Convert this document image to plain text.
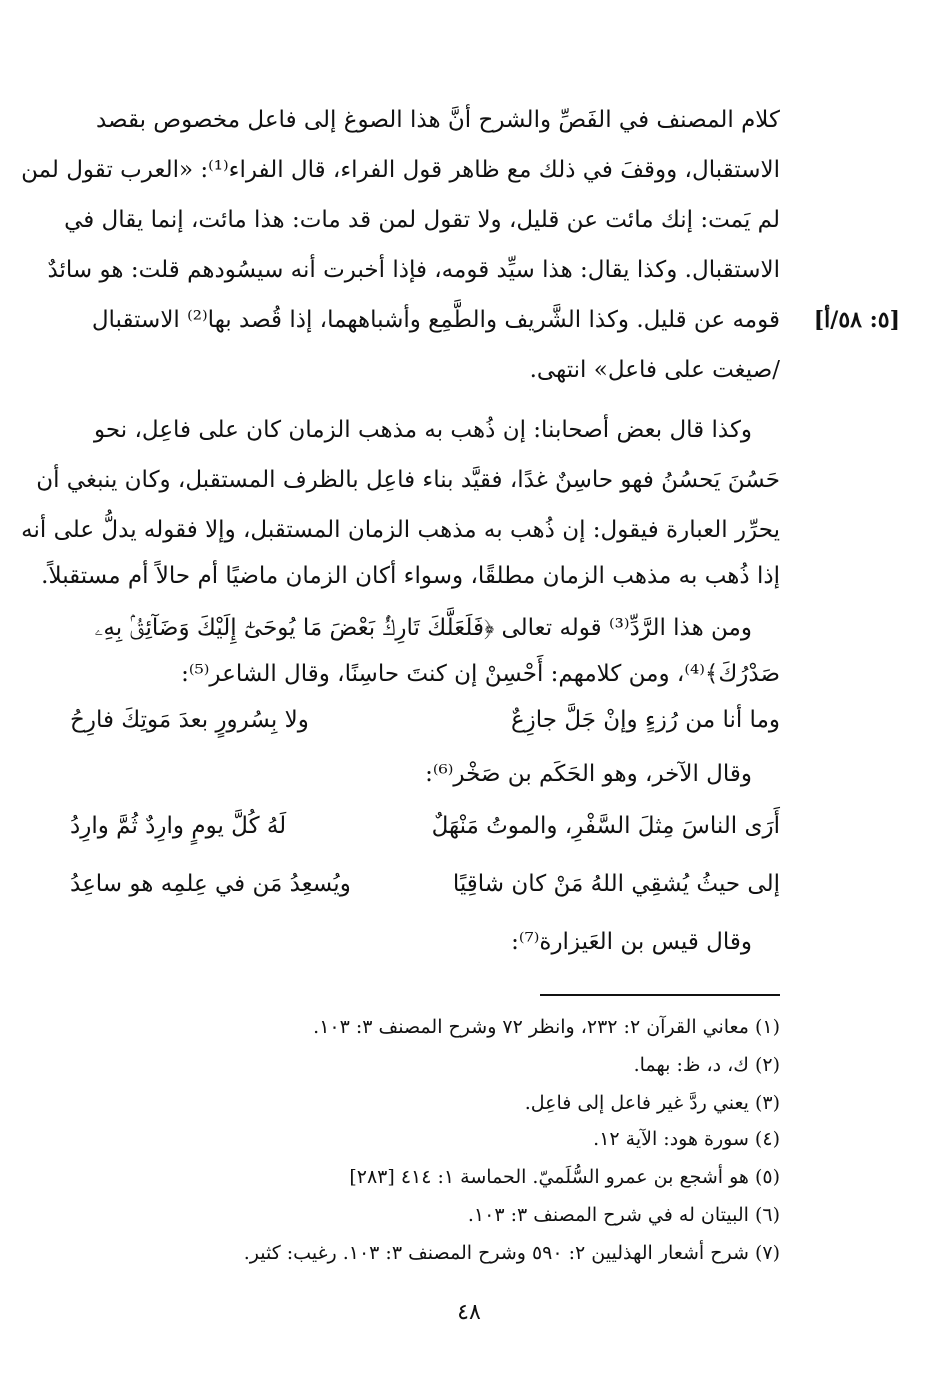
كلام المصنف في الفَصِّ والشرح أنَّ هذا الصوغ إلى فاعل مخصوص بقصد
الاستقبال، ووقفَ في ذلك مع ظاهر قول الفراء، قال الفراء⁽¹⁾: «العرب تقول لمن
لم يَمت: إنك مائت عن قليل، ولا تقول لمن قد مات: هذا مائت، إنما يقال في
الاستقبال. وكذا يقال: هذا سيِّد قومه، فإذا أخبرت أنه سيسُودهم قلت: هو سائدٌ
[٥: ٥٨/أ]
قومه عن قليل. وكذا الشَّريف والطَّمِع وأشباههما، إذا قُصد بها⁽²⁾ الاستقبال
/صيغت على فاعل» انتهى.
وكذا قال بعض أصحابنا: إن ذُهب به مذهب الزمان كان على فاعِل، نحو
حَسُنَ يَحسُنُ فهو حاسِنٌ غدًا، فقيَّد بناء فاعِل بالظرف المستقبل، وكان ينبغي أن
يحرِّر العبارة فيقول: إن ذُهب به مذهب الزمان المستقبل، وإلا فقوله يدلُّ على أنه
إذا ذُهب به مذهب الزمان مطلقًا، وسواء أكان الزمان ماضيًا أم حالاً أم مستقبلاً.
ومن هذا الرَّدِّ⁽³⁾ قوله تعالى ﴿فَلَعَلَّكَ تَارِكُۢ بَعْضَ مَا يُوحَىٰٓ إِلَيْكَ وَضَآئِقُۢ بِهِۦ
صَدْرُكَ﴾⁽⁴⁾، ومن كلامهم: أَحْسِنْ إن كنتَ حاسِنًا، وقال الشاعر⁽⁵⁾:
وما أنا من رُزءٍ وإنْ جَلَّ جازِعٌ
ولا بِسُرورٍ بعدَ مَوتِكَ فارِحُ
وقال الآخر، وهو الحَكَم بن صَخْر⁽⁶⁾:
أَرَى الناسَ مِثلَ السَّفْرِ، والموتُ مَنْهَلٌ
لَهُ كُلَّ يومٍ وارِدٌ ثُمَّ وارِدُ
إلى حيثُ يُشقِي اللهُ مَنْ كان شاقِيًا
ويُسعِدُ مَن في عِلمِه هو ساعِدُ
وقال قيس بن العَيزارة⁽⁷⁾:
(١) معاني القرآن ٢: ٢٣٢، وانظر ٧٢ وشرح المصنف ٣: ١٠٣.
(٢) ك، د، ظ: بهما.
(٣) يعني ردَّ غير فاعل إلى فاعِل.
(٤) سورة هود: الآية ١٢.
(٥) هو أشجع بن عمرو السُّلَميّ. الحماسة ١: ٤١٤ [٢٨٣]
(٦) البيتان له في شرح المصنف ٣: ١٠٣.
(٧) شرح أشعار الهذليين ٢: ٥٩٠ وشرح المصنف ٣: ١٠٣. رغيب: كثير.
٤٨
